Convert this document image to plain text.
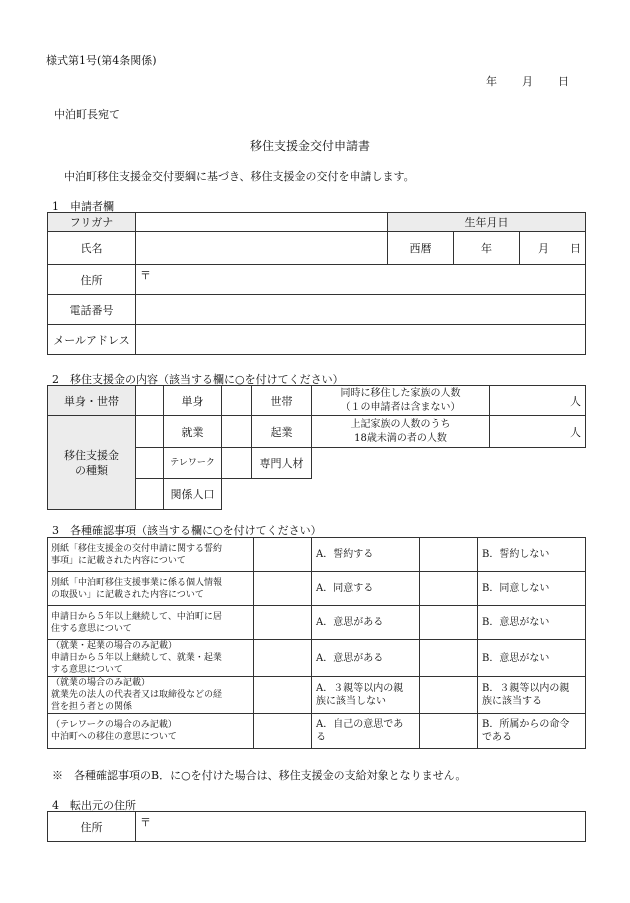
様式第1号(第4条関係)
年 月 日
中泊町長宛て
移住支援金交付申請書
中泊町移住支援金交付要綱に基づき、移住支援金の交付を申請します。
1　申請者欄
フリガナ		生年月日		
氏名		西暦	年	月 日

住所	〒			
電話番号				
メールアドレス				
2　移住支援金の内容（該当する欄に○を付けてください）
単身・世帯		単身		世帯	同時に移住した家族の人数
（１の申請者は含まない）	人
移住支援金
の種類		就業		起業	上記家族の人数のうち
18歳未満の者の人数	人
		テレワーク		専門人材		
		関係人口				
3　各種確認事項（該当する欄に○を付けてください）
別紙「移住支援金の交付申請に関する誓約
事項」に記載された内容について		A．誓約する		B．誓約しない
別紙「中泊町移住支援事業に係る個人情報
の取扱い」に記載された内容について		A．同意する		B．同意しない
申請日から５年以上継続して、中泊町に居
住する意思について		A．意思がある		B．意思がない
（就業・起業の場合のみ記載）
申請日から５年以上継続して、就業・起業
する意思について		A．意思がある		B．意思がない
（就業の場合のみ記載）
就業先の法人の代表者又は取締役などの経
営を担う者との関係		A．３親等以内の親
族に該当しない		B．３親等以内の親
族に該当する
（テレワークの場合のみ記載）
中泊町への移住の意思について		A．自己の意思であ
る		B．所属からの命令
である
※　各種確認事項のB．に○を付けた場合は、移住支援金の支給対象となりません。
4　転出元の住所
住所	〒
